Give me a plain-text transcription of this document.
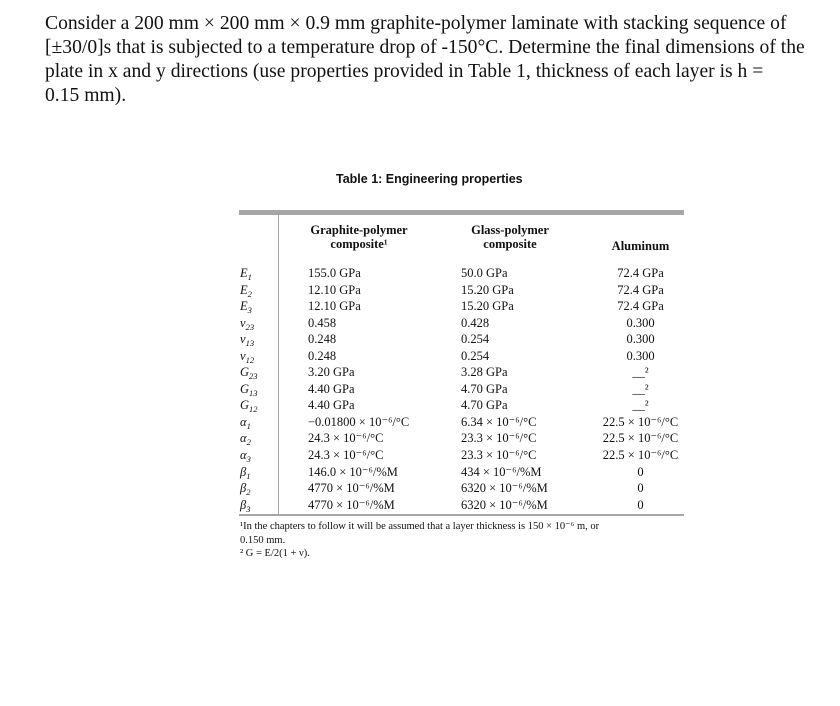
Consider a 200 mm × 200 mm × 0.9 mm graphite-polymer laminate with stacking sequence of

[±30/0]s that is subjected to a temperature drop of -150°C. Determine the final dimensions of the

plate in x and y directions (use properties provided in Table 1, thickness of each layer is h =

0.15 mm).

Table 1: Engineering properties
Graphite-polymer composite¹
Glass-polymer composite	Aluminum
$E_1$
$E_2$
$E_3$
$\nu_{23}$
$\nu_{13}$
$\nu_{12}$
$G_{23}$
$G_{13}$
$G_{12}$
$\alpha_1$
$\alpha_2$
$\alpha_3$
$\beta_1$
$\beta_2$
$\beta_3$
155.0 GPa
12.10 GPa
12.10 GPa
0.458
0.248
0.248
3.20 GPa
4.40 GPa
4.40 GPa
−0.01800 × 10⁻⁶/°C
24.3 × 10⁻⁶/°C
24.3 × 10⁻⁶/°C
146.0 × 10⁻⁶/%M
4770 × 10⁻⁶/%M
4770 × 10⁻⁶/%M
50.0 GPa
15.20 GPa
15.20 GPa
0.428
0.254
0.254
3.28 GPa
4.70 GPa
4.70 GPa
6.34 × 10⁻⁶/°C
23.3 × 10⁻⁶/°C
23.3 × 10⁻⁶/°C
434 × 10⁻⁶/%M
6320 × 10⁻⁶/%M
6320 × 10⁻⁶/%M
72.4 GPa
72.4 GPa
72.4 GPa
0.300
0.300
0.300
__²
__²
__²
22.5 × 10⁻⁶/°C
22.5 × 10⁻⁶/°C
22.5 × 10⁻⁶/°C
0
0
0
¹In the chapters to follow it will be assumed that a layer thickness is 150 × 10⁻⁶ m, or
0.150 mm.
² G = E/2(1 + ν).
